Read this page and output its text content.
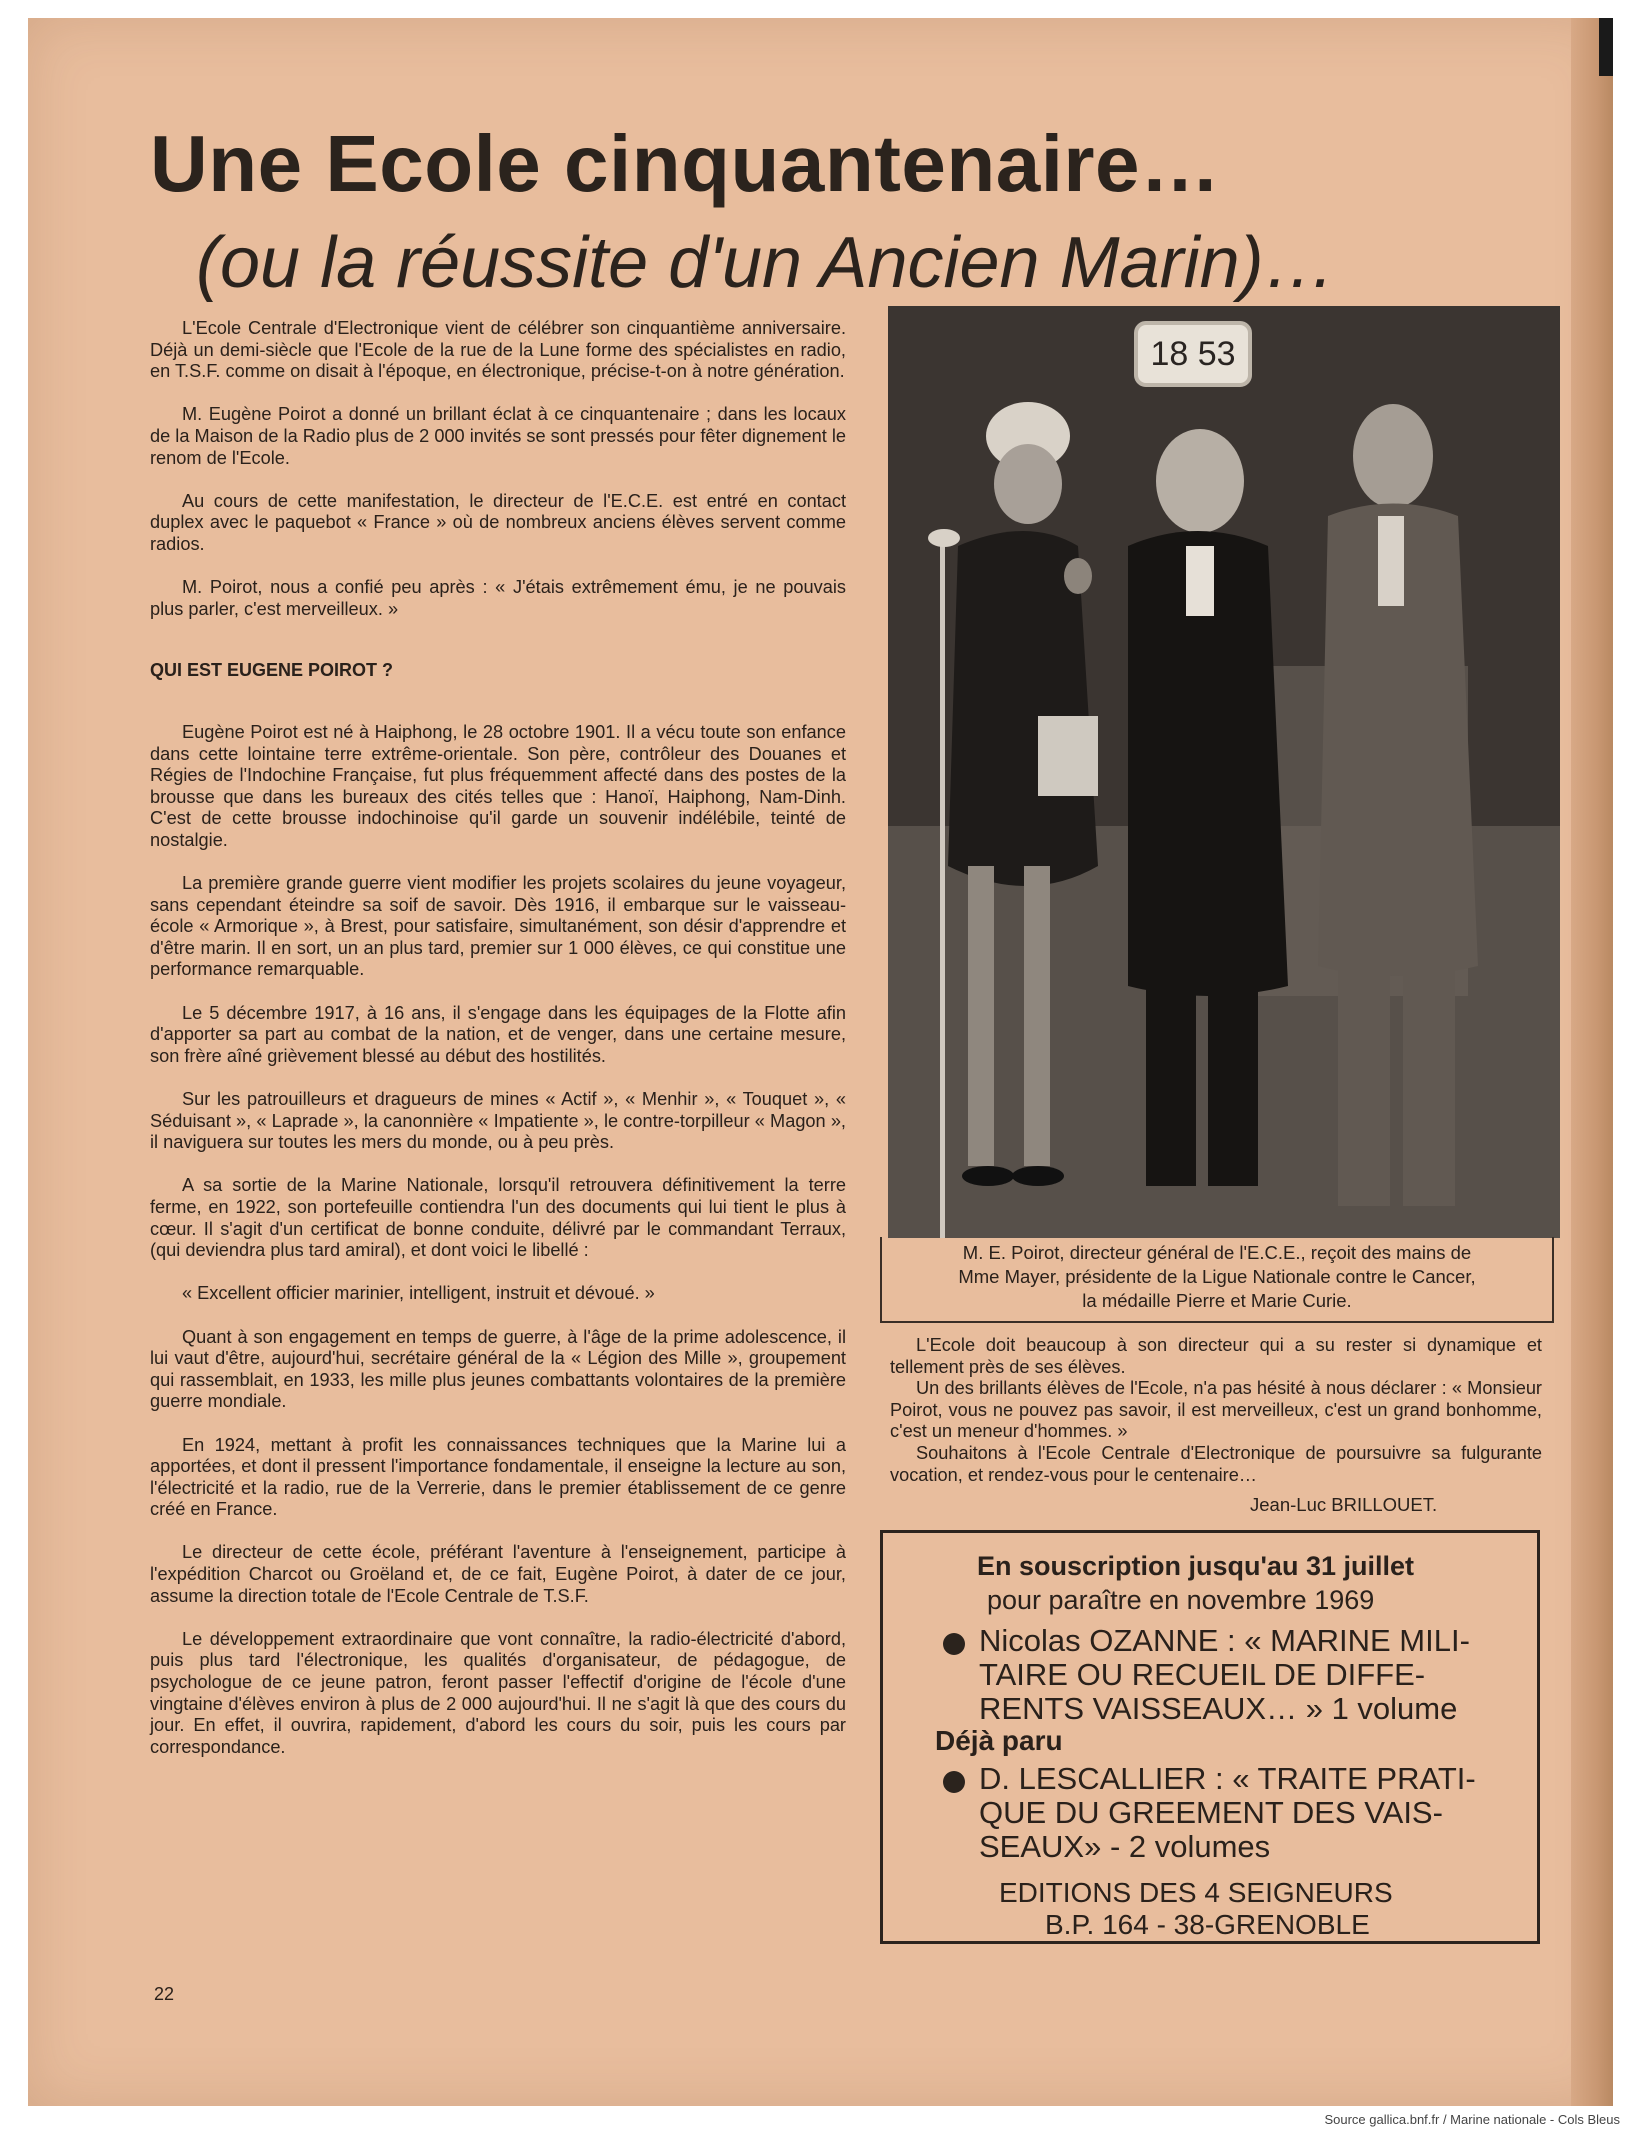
Une Ecole cinquantenaire…
(ou la réussite d'un Ancien Marin)…

L'Ecole Centrale d'Electronique vient de célébrer son cinquantième anniversaire. Déjà un demi-siècle que l'Ecole de la rue de la Lune forme des spécialistes en radio, en T.S.F. comme on disait à l'époque, en électronique, précise-t-on à notre génération.

M. Eugène Poirot a donné un brillant éclat à ce cinquantenaire ; dans les locaux de la Maison de la Radio plus de 2 000 invités se sont pressés pour fêter dignement le renom de l'Ecole.

Au cours de cette manifestation, le directeur de l'E.C.E. est entré en contact duplex avec le paquebot « France » où de nombreux anciens élèves servent comme radios.

M. Poirot, nous a confié peu après : « J'étais extrêmement ému, je ne pouvais plus parler, c'est merveilleux. »

QUI EST EUGENE POIROT ?

Eugène Poirot est né à Haiphong, le 28 octobre 1901. Il a vécu toute son enfance dans cette lointaine terre extrême-orientale. Son père, contrôleur des Douanes et Régies de l'Indochine Française, fut plus fréquemment affecté dans des postes de la brousse que dans les bureaux des cités telles que : Hanoï, Haiphong, Nam-Dinh. C'est de cette brousse indochinoise qu'il garde un souvenir indélébile, teinté de nostalgie.

La première grande guerre vient modifier les projets scolaires du jeune voyageur, sans cependant éteindre sa soif de savoir. Dès 1916, il embarque sur le vaisseau-école « Armorique », à Brest, pour satisfaire, simultanément, son désir d'apprendre et d'être marin. Il en sort, un an plus tard, premier sur 1 000 élèves, ce qui constitue une performance remarquable.

Le 5 décembre 1917, à 16 ans, il s'engage dans les équipages de la Flotte afin d'apporter sa part au combat de la nation, et de venger, dans une certaine mesure, son frère aîné grièvement blessé au début des hostilités.

Sur les patrouilleurs et dragueurs de mines « Actif », « Menhir », « Touquet », « Séduisant », « Laprade », la canonnière « Impatiente », le contre-torpilleur « Magon », il naviguera sur toutes les mers du monde, ou à peu près.

A sa sortie de la Marine Nationale, lorsqu'il retrouvera définitivement la terre ferme, en 1922, son portefeuille contiendra l'un des documents qui lui tient le plus à cœur. Il s'agit d'un certificat de bonne conduite, délivré par le commandant Terraux, (qui deviendra plus tard amiral), et dont voici le libellé :

« Excellent officier marinier, intelligent, instruit et dévoué. »

Quant à son engagement en temps de guerre, à l'âge de la prime adolescence, il lui vaut d'être, aujourd'hui, secrétaire général de la « Légion des Mille », groupement qui rassemblait, en 1933, les mille plus jeunes combattants volontaires de la première guerre mondiale.

En 1924, mettant à profit les connaissances techniques que la Marine lui a apportées, et dont il pressent l'importance fondamentale, il enseigne la lecture au son, l'électricité et la radio, rue de la Verrerie, dans le premier établissement de ce genre créé en France.

Le directeur de cette école, préférant l'aventure à l'enseignement, participe à l'expédition Charcot ou Groëland et, de ce fait, Eugène Poirot, à dater de ce jour, assume la direction totale de l'Ecole Centrale de T.S.F.

Le développement extraordinaire que vont connaître, la radio-électricité d'abord, puis plus tard l'électronique, les qualités d'organisateur, de pédagogue, de psychologue de ce jeune patron, feront passer l'effectif d'origine de l'école d'une vingtaine d'élèves environ à plus de 2 000 aujourd'hui. Il ne s'agit là que des cours du jour. En effet, il ouvrira, rapidement, d'abord les cours du soir, puis les cours par correspondance.

18 53
M. E. Poirot, directeur général de l'E.C.E., reçoit des mains de
Mme Mayer, présidente de la Ligue Nationale contre le Cancer,
la médaille Pierre et Marie Curie.

L'Ecole doit beaucoup à son directeur qui a su rester si dynamique et tellement près de ses élèves.

Un des brillants élèves de l'Ecole, n'a pas hésité à nous déclarer : « Monsieur Poirot, vous ne pouvez pas savoir, il est merveilleux, c'est un grand bonhomme, c'est un meneur d'hommes. »

Souhaitons à l'Ecole Centrale d'Electronique de poursuivre sa fulgurante vocation, et rendez-vous pour le centenaire…

Jean-Luc BRILLOUET.
En souscription jusqu'au 31 juillet
pour paraître en novembre 1969
Nicolas OZANNE : « MARINE MILI-
TAIRE OU RECUEIL DE DIFFE-
RENTS VAISSEAUX… » 1 volume
Déjà paru
D. LESCALLIER : « TRAITE PRATI-
QUE DU GREEMENT DES VAIS-
SEAUX» - 2 volumes
EDITIONS DES 4 SEIGNEURS
B.P. 164 - 38-GRENOBLE
22
Source gallica.bnf.fr / Marine nationale - Cols Bleus
